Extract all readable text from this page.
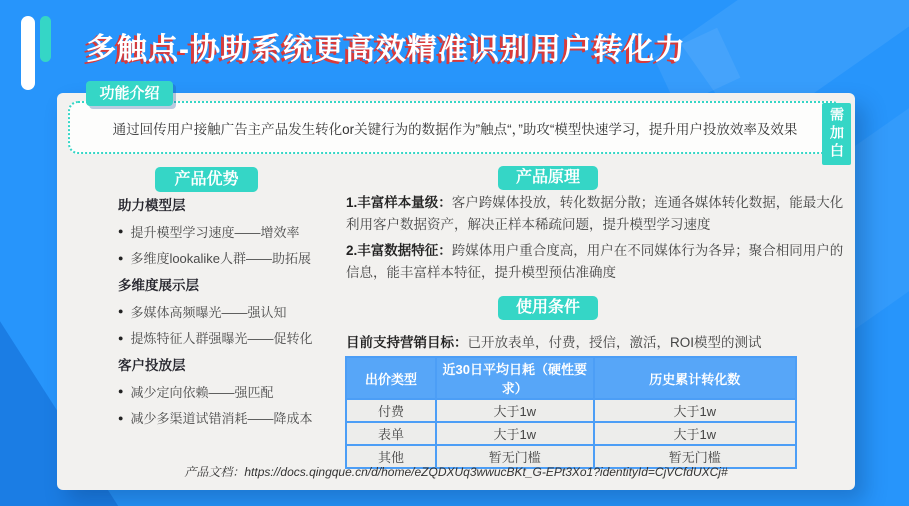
多触点-协助系统更高效精准识别用户转化力
功能介绍

通过回传用户接触广告主产品发生转化or关键行为的数据作为”触点“，”助攻“模型快速学习，提升用户投放效率及效果	需加白
产品优势
助力模型层
● 提升模型学习速度——增效率
● 多维度lookalike人群——助拓展
多维度展示层
● 多媒体高频曝光——强认知
● 提炼特征人群强曝光——促转化
客户投放层
● 减少定向依赖——强匹配
● 减少多渠道试错消耗——降成本
产品原理

1.丰富样本量级：客户跨媒体投放，转化数据分散；连通各媒体转化数据，能最大化利用客户数据资产，解决正样本稀疏问题，提升模型学习速度

2.丰富数据特征：跨媒体用户重合度高，用户在不同媒体行为各异；聚合相同用户的信息，能丰富样本特征，提升模型预估准确度

使用条件

目前支持营销目标：已开放表单，付费，授信，激活，ROI模型的测试

出价类型	近30日平均日耗（硬性要求）	历史累计转化数
付费	大于1w	大于1w
表单	大于1w	大于1w
其他	暂无门槛	暂无门槛
产品文档：https://docs.qingque.cn/d/home/eZQDXUq3wwucBKt_G-EPt3Xo1?identityId=CjVCfdUXCj#
